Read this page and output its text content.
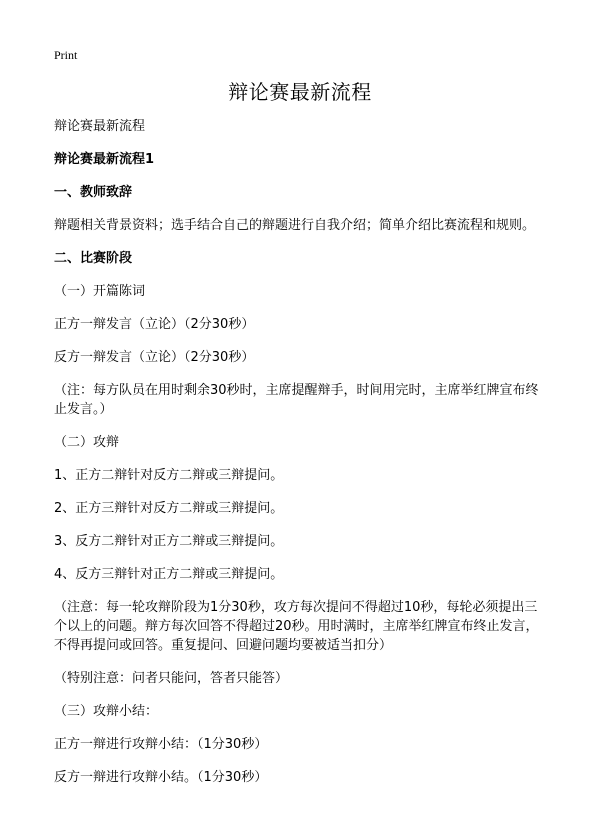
Print
辩论赛最新流程

辩论赛最新流程

辩论赛最新流程1

一、教师致辞

辩题相关背景资料；选手结合自己的辩题进行自我介绍；简单介绍比赛流程和规则。

二、比赛阶段

（一）开篇陈词

正方一辩发言（立论）（2分30秒）

反方一辩发言（立论）（2分30秒）

（注：每方队员在用时剩余30秒时，主席提醒辩手，时间用完时，主席举红牌宣布终止发言。）

（二）攻辩

1、正方二辩针对反方二辩或三辩提问。

2、正方三辩针对反方二辩或三辩提问。

3、反方二辩针对正方二辩或三辩提问。

4、反方三辩针对正方二辩或三辩提问。

（注意：每一轮攻辩阶段为1分30秒，攻方每次提问不得超过10秒，每轮必须提出三个以上的问题。辩方每次回答不得超过20秒。用时满时，主席举红牌宣布终止发言，不得再提问或回答。重复提问、回避问题均要被适当扣分）

（特别注意：问者只能问，答者只能答）

（三）攻辩小结：

正方一辩进行攻辩小结：（1分30秒）

反方一辩进行攻辩小结。（1分30秒）
